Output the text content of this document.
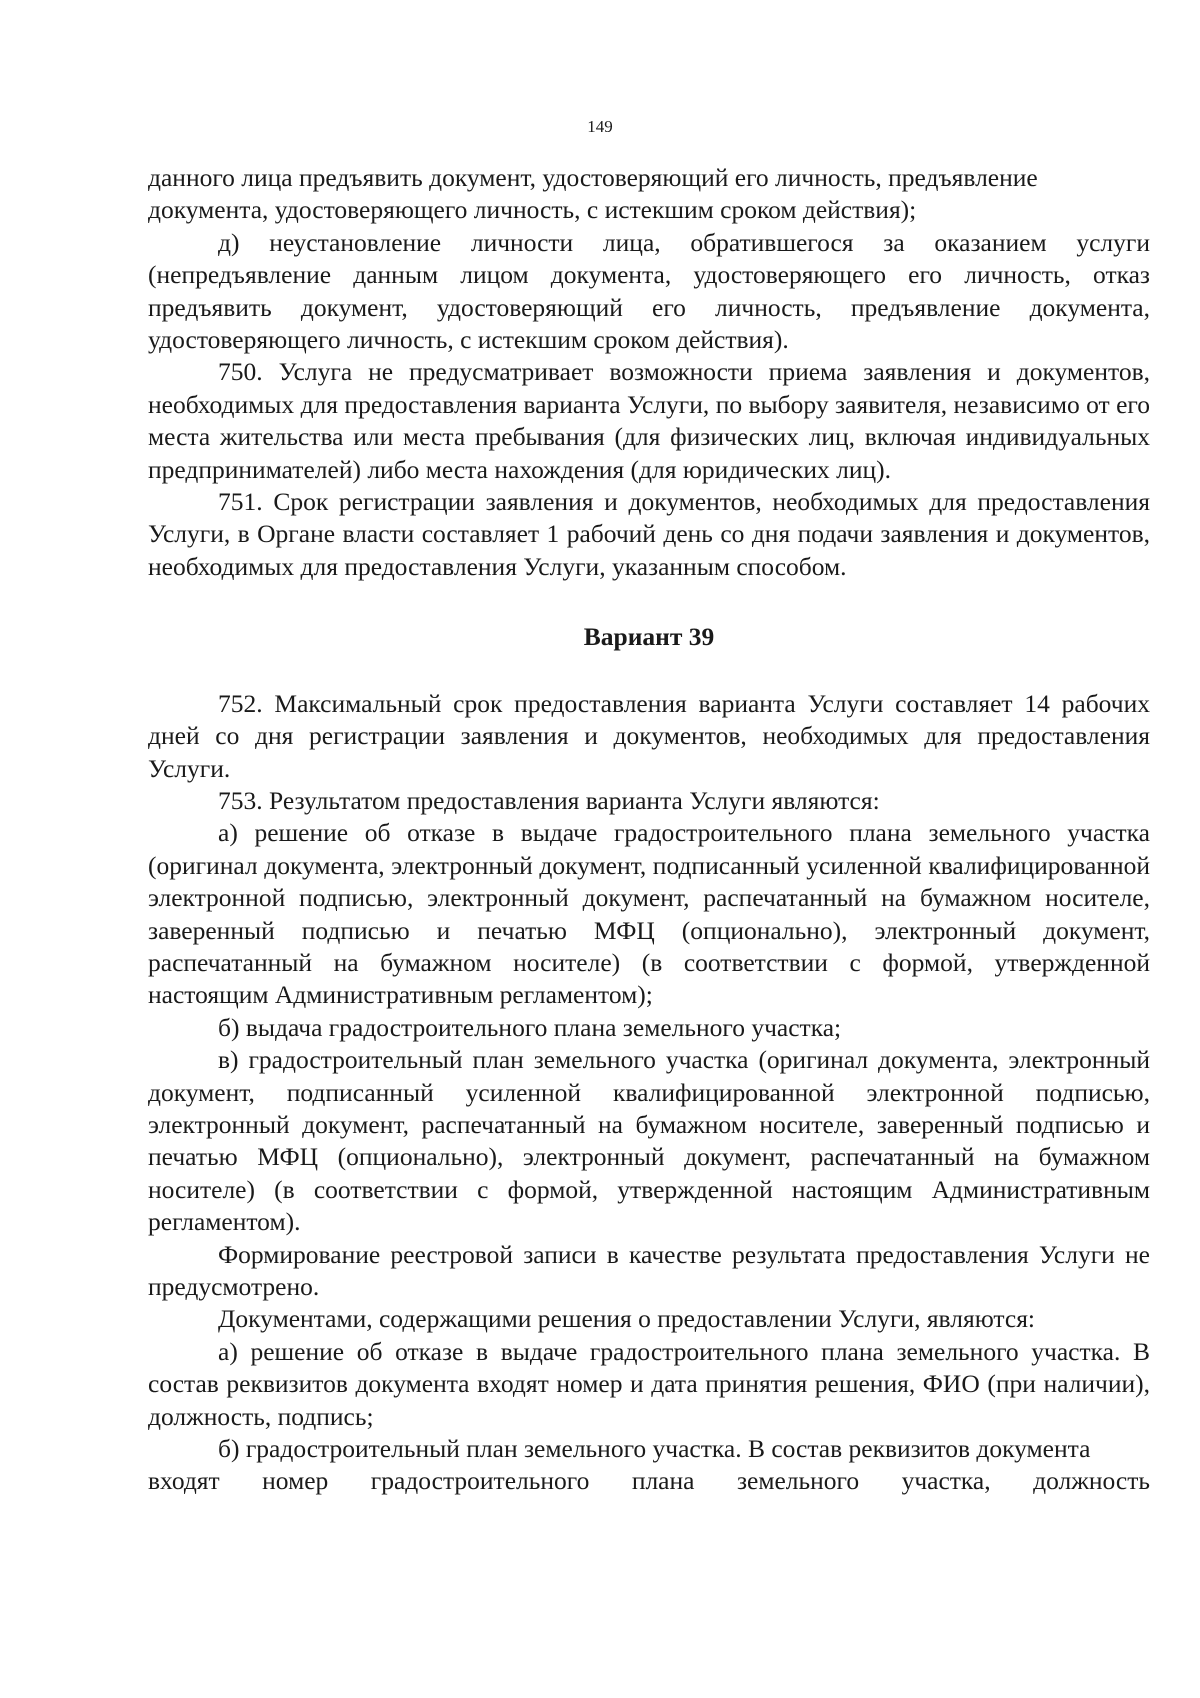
149

данного лица предъявить документ, удостоверяющий его личность, предъявление документа, удостоверяющего личность, с истекшим сроком действия);

д) неустановление личности лица, обратившегося за оказанием услуги (непредъявление данным лицом документа, удостоверяющего его личность, отказ предъявить документ, удостоверяющий его личность, предъявление документа, удостоверяющего личность, с истекшим сроком действия).

750. Услуга не предусматривает возможности приема заявления и документов, необходимых для предоставления варианта Услуги, по выбору заявителя, независимо от его места жительства или места пребывания (для физических лиц, включая индивидуальных предпринимателей) либо места нахождения (для юридических лиц).

751. Срок регистрации заявления и документов, необходимых для предоставления Услуги, в Органе власти составляет 1 рабочий день со дня подачи заявления и документов, необходимых для предоставления Услуги, указанным способом.

Вариант 39

752. Максимальный срок предоставления варианта Услуги составляет 14 рабочих дней со дня регистрации заявления и документов, необходимых для предоставления Услуги.

753. Результатом предоставления варианта Услуги являются:

а) решение об отказе в выдаче градостроительного плана земельного участка (оригинал документа, электронный документ, подписанный усиленной квалифицированной электронной подписью, электронный документ, распечатанный на бумажном носителе, заверенный подписью и печатью МФЦ (опционально), электронный документ, распечатанный на бумажном носителе) (в соответствии с формой, утвержденной настоящим Административным регламентом);

б) выдача градостроительного плана земельного участка;

в) градостроительный план земельного участка (оригинал документа, электронный документ, подписанный усиленной квалифицированной электронной подписью, электронный документ, распечатанный на бумажном носителе, заверенный подписью и печатью МФЦ (опционально), электронный документ, распечатанный на бумажном носителе) (в соответствии с формой, утвержденной настоящим Административным регламентом).

Формирование реестровой записи в качестве результата предоставления Услуги не предусмотрено.

Документами, содержащими решения о предоставлении Услуги, являются:

а) решение об отказе в выдаче градостроительного плана земельного участка. В состав реквизитов документа входят номер и дата принятия решения, ФИО (при наличии), должность, подпись;

б) градостроительный план земельного участка. В состав реквизитов документа

входят номер градостроительного плана земельного участка, должность
